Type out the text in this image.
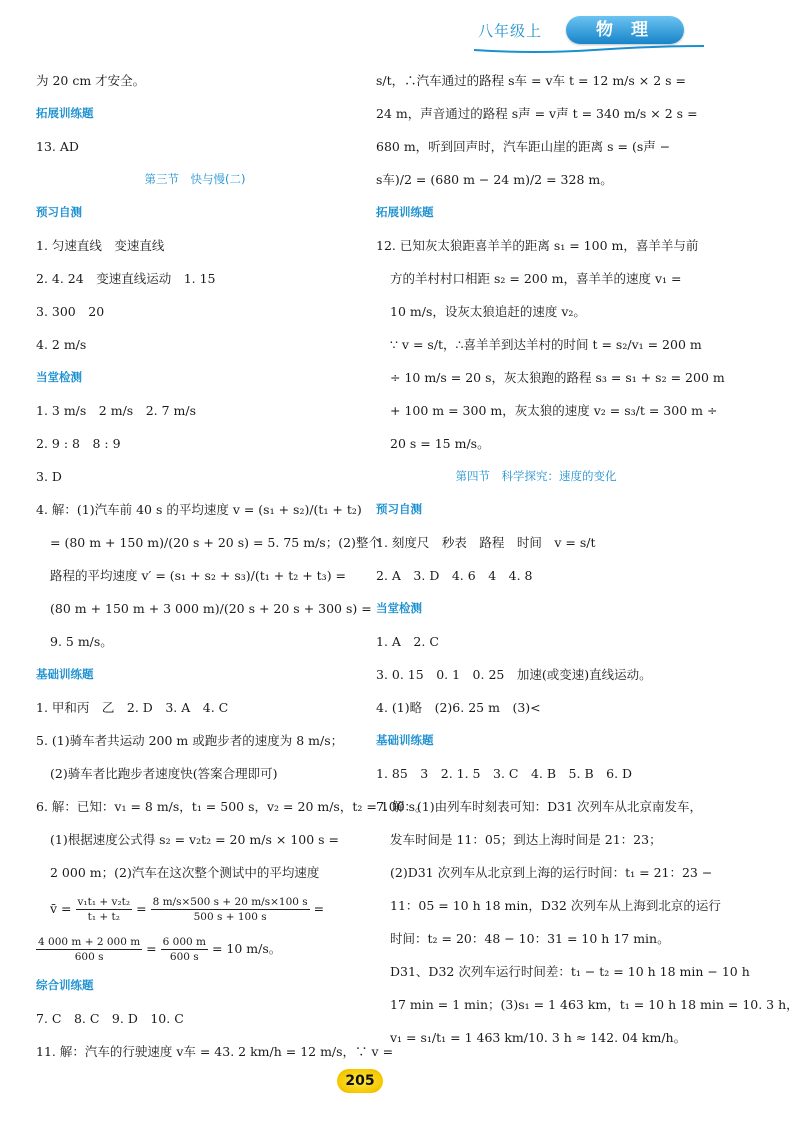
八年级上	物 理
为 20 cm 才安全。
拓展训练题
13. AD
第三节　快与慢(二)
预习自测
1. 匀速直线　变速直线
2. 4. 24　变速直线运动　1. 15
3. 300　20
4. 2 m/s
当堂检测
1. 3 m/s　2 m/s　2. 7 m/s
2. 9 : 8　8 : 9
3. D
4. 解：(1)汽车前 40 s 的平均速度 v = (s₁ + s₂)/(t₁ + t₂)
= (80 m + 150 m)/(20 s + 20 s) = 5. 75 m/s；(2)整个
路程的平均速度 v′ = (s₁ + s₂ + s₃)/(t₁ + t₂ + t₃) =
(80 m + 150 m + 3 000 m)/(20 s + 20 s + 300 s) =
9. 5 m/s。
基础训练题
1. 甲和丙　乙　2. D　3. A　4. C
5. (1)骑车者共运动 200 m 或跑步者的速度为 8 m/s；
(2)骑车者比跑步者速度快(答案合理即可)
6. 解：已知：v₁ = 8 m/s，t₁ = 500 s，v₂ = 20 m/s，t₂ = 100 s。
(1)根据速度公式得 s₂ = v₂t₂ = 20 m/s × 100 s =
2 000 m；(2)汽车在这次整个测试中的平均速度
v̄ = $\frac{\text{v₁t₁ + v₂t₂}}{\text{t₁ + t₂}} = \frac{8 m/s\times 500 s + 20 m/s\times 100 s}{500 s + 100 s}$ =
$\frac{4 000 m + 2 000 m}{600 s} = \frac{6 000 m}{600 s} = 10$ m/s。
综合训练题
7. C　8. C　9. D　10. C
11. 解：汽车的行驶速度 v车 = 43. 2 km/h = 12 m/s，∵ v =
s/t，∴汽车通过的路程 s车 = v车 t = 12 m/s × 2 s =
24 m，声音通过的路程 s声 = v声 t = 340 m/s × 2 s =
680 m，听到回声时，汽车距山崖的距离 s = (s声 −
s车)/2 = (680 m − 24 m)/2 = 328 m。
拓展训练题
12. 已知灰太狼距喜羊羊的距离 s₁ = 100 m，喜羊羊与前
方的羊村村口相距 s₂ = 200 m，喜羊羊的速度 v₁ =
10 m/s，设灰太狼追赶的速度 v₂。
∵ v = s/t，∴喜羊羊到达羊村的时间 t = s₂/v₁ = 200 m
÷ 10 m/s = 20 s，灰太狼跑的路程 s₃ = s₁ + s₂ = 200 m
+ 100 m = 300 m，灰太狼的速度 v₂ = s₃/t = 300 m ÷
20 s = 15 m/s。
第四节　科学探究：速度的变化
预习自测
1. 刻度尺　秒表　路程　时间　v = s/t
2. A　3. D　4. 6　4　4. 8
当堂检测
1. A　2. C
3. 0. 15　0. 1　0. 25　加速(或变速)直线运动。
4. (1)略　(2)6. 25 m　(3)<
基础训练题
1. 85　3　2. 1. 5　3. C　4. B　5. B　6. D
7. 解：(1)由列车时刻表可知：D31 次列车从北京南发车，
发车时间是 11：05；到达上海时间是 21：23；
(2)D31 次列车从北京到上海的运行时间：t₁ = 21：23 −
11：05 = 10 h 18 min，D32 次列车从上海到北京的运行
时间：t₂ = 20：48 − 10：31 = 10 h 17 min。
D31、D32 次列车运行时间差：t₁ − t₂ = 10 h 18 min − 10 h
17 min = 1 min；(3)s₁ = 1 463 km，t₁ = 10 h 18 min = 10. 3 h，
v₁ = s₁/t₁ = 1 463 km/10. 3 h ≈ 142. 04 km/h。
205
